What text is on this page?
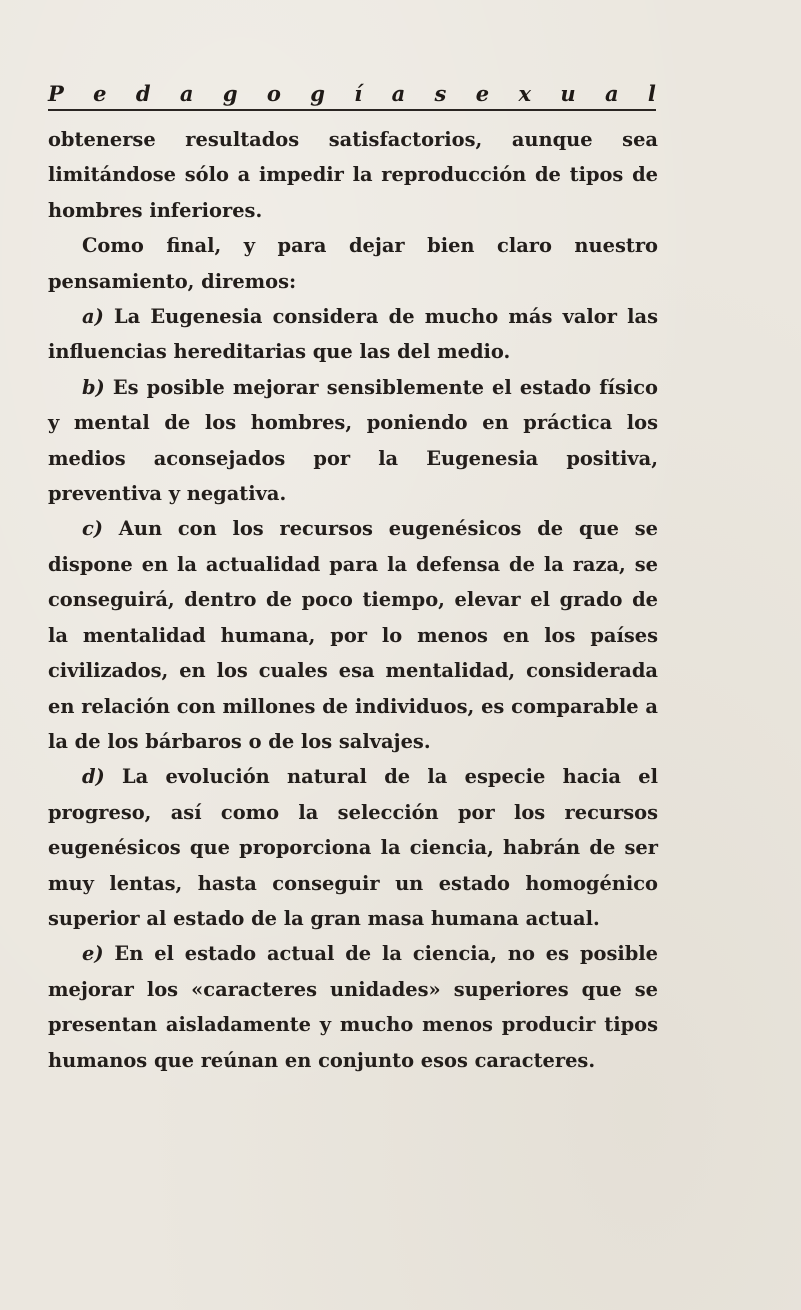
P e d a g o g í a s e x u a l

obtenerse resultados satisfactorios, aunque sea limitándose sólo a impedir la reproducción de tipos de hombres inferiores.

Como final, y para dejar bien claro nuestro pensamiento, diremos:

a) La Eugenesia considera de mucho más valor las influencias hereditarias que las del medio.

b) Es posible mejorar sensiblemente el estado físico y mental de los hombres, poniendo en práctica los medios aconsejados por la Eugenesia positiva, preventiva y negativa.

c) Aun con los recursos eugenésicos de que se dispone en la actualidad para la defensa de la raza, se conseguirá, dentro de poco tiempo, elevar el grado de la mentalidad humana, por lo menos en los países civilizados, en los cuales esa mentalidad, considerada en relación con millones de individuos, es comparable a la de los bárbaros o de los salvajes.

d) La evolución natural de la especie hacia el progreso, así como la selección por los recursos eugenésicos que proporciona la ciencia, habrán de ser muy lentas, hasta conseguir un estado homogénico superior al estado de la gran masa humana actual.

e) En el estado actual de la ciencia, no es posible mejorar los «caracteres unidades» superiores que se presentan aisladamente y mucho menos producir tipos humanos que reúnan en conjunto esos caracteres.
